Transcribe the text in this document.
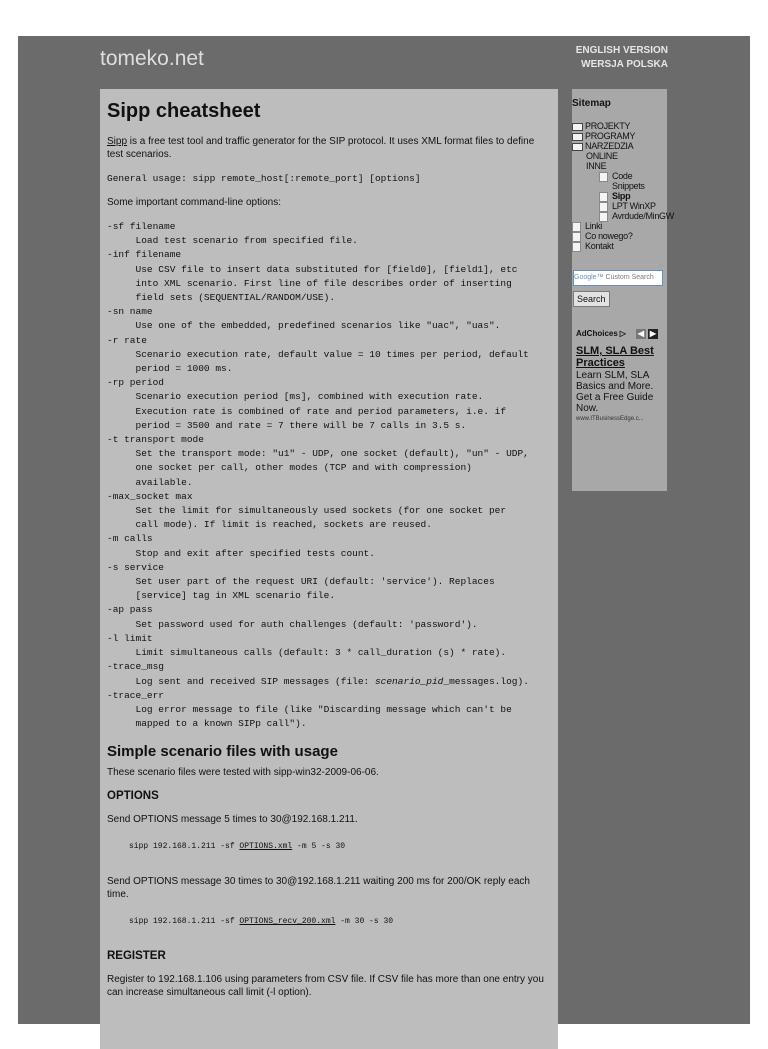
tomeko.net	ENGLISH VERSION
WERSJA POLSKA
Sipp cheatsheet

Sipp is a free test tool and traffic generator for the SIP protocol. It uses XML format files to define test scenarios.

General usage: sipp remote_host[:remote_port] [options]

Some important command-line options:

-sf filename
Load test scenario from specified file.
-inf filename
Use CSV file to insert data substituted for [field0], [field1], etc
into XML scenario. First line of file describes order of inserting
field sets (SEQUENTIAL/RANDOM/USE).
-sn name
Use one of the embedded, predefined scenarios like "uac", "uas".
-r rate
Scenario execution rate, default value = 10 times per period, default
period = 1000 ms.
-rp period
Scenario execution period [ms], combined with execution rate.
Execution rate is combined of rate and period parameters, i.e. if
period = 3500 and rate = 7 there will be 7 calls in 3.5 s.
-t transport mode
Set the transport mode: "u1" - UDP, one socket (default), "un" - UDP,
one socket per call, other modes (TCP and with compression)
available.
-max_socket max
Set the limit for simultaneously used sockets (for one socket per
call mode). If limit is reached, sockets are reused.
-m calls
Stop and exit after specified tests count.
-s service
Set user part of the request URI (default: 'service'). Replaces
[service] tag in XML scenario file.
-ap pass
Set password used for auth challenges (default: 'password').
-l limit
Limit simultaneous calls (default: 3 * call_duration (s) * rate).
-trace_msg
Log sent and received SIP messages (file: scenario_pid_messages.log).
-trace_err
Log error message to file (like "Discarding message which can't be
mapped to a known SIPp call").
Simple scenario files with usage

These scenario files were tested with sipp-win32-2009-06-06.

OPTIONS

Send OPTIONS message 5 times to 30@192.168.1.211.

sipp 192.168.1.211 -sf OPTIONS.xml -m 5 -s 30

Send OPTIONS message 30 times to 30@192.168.1.211 waiting 200 ms for 200/OK reply each time.

sipp 192.168.1.211 -sf OPTIONS_recv_200.xml -m 30 -s 30
REGISTER

Register to 192.168.1.106 using parameters from CSV file. If CSV file has more than one entry you can increase simultaneous call limit (-l option).

Sitemap
PROJEKTY
PROGRAMY
NARZEDZIA
ONLINE
INNE
Code Snippets
Sipp
LPT WinXP
Avrdude/MinGW
Linki
Co nowego?
Kontakt
Google™ Custom Search
Search
AdChoices ▷ ◀ ▶
SLM, SLA Best Practices
Learn SLM, SLA Basics and More. Get a Free Guide Now.
www.ITBusinessEdge.c...
